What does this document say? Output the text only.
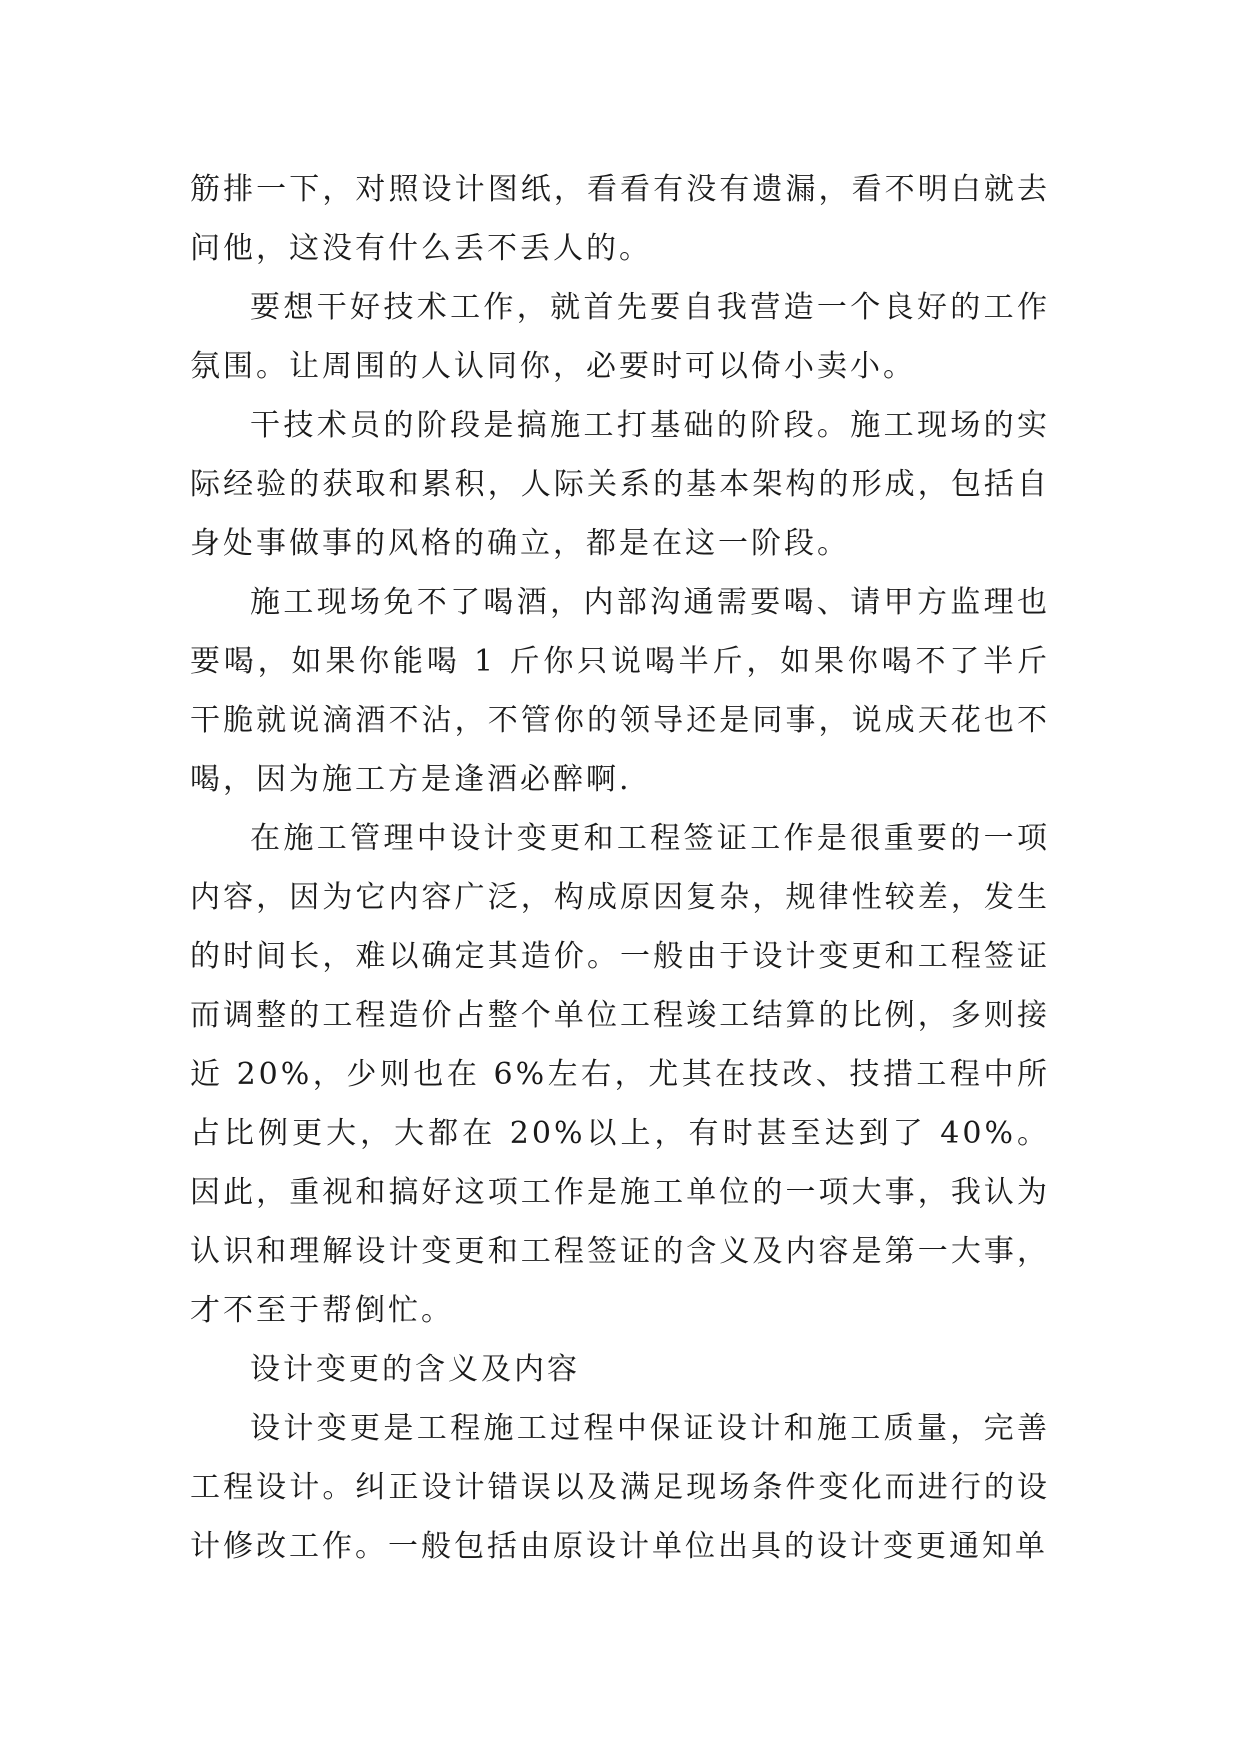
筋排一下，对照设计图纸，看看有没有遗漏，看不明白就去问他，这没有什么丢不丢人的。

要想干好技术工作，就首先要自我营造一个良好的工作氛围。让周围的人认同你，必要时可以倚小卖小。

干技术员的阶段是搞施工打基础的阶段。施工现场的实际经验的获取和累积，人际关系的基本架构的形成，包括自身处事做事的风格的确立，都是在这一阶段。

施工现场免不了喝酒，内部沟通需要喝、请甲方监理也要喝，如果你能喝 1 斤你只说喝半斤，如果你喝不了半斤干脆就说滴酒不沾，不管你的领导还是同事，说成天花也不喝，因为施工方是逢酒必醉啊.

在施工管理中设计变更和工程签证工作是很重要的一项内容，因为它内容广泛，构成原因复杂，规律性较差，发生的时间长，难以确定其造价。一般由于设计变更和工程签证而调整的工程造价占整个单位工程竣工结算的比例，多则接近 20%，少则也在 6%左右，尤其在技改、技措工程中所占比例更大，大都在 20%以上，有时甚至达到了 40%。因此，重视和搞好这项工作是施工单位的一项大事，我认为认识和理解设计变更和工程签证的含义及内容是第一大事，才不至于帮倒忙。

设计变更的含义及内容

设计变更是工程施工过程中保证设计和施工质量，完善工程设计。纠正设计错误以及满足现场条件变化而进行的设计修改工作。一般包括由原设计单位出具的设计变更通知单
